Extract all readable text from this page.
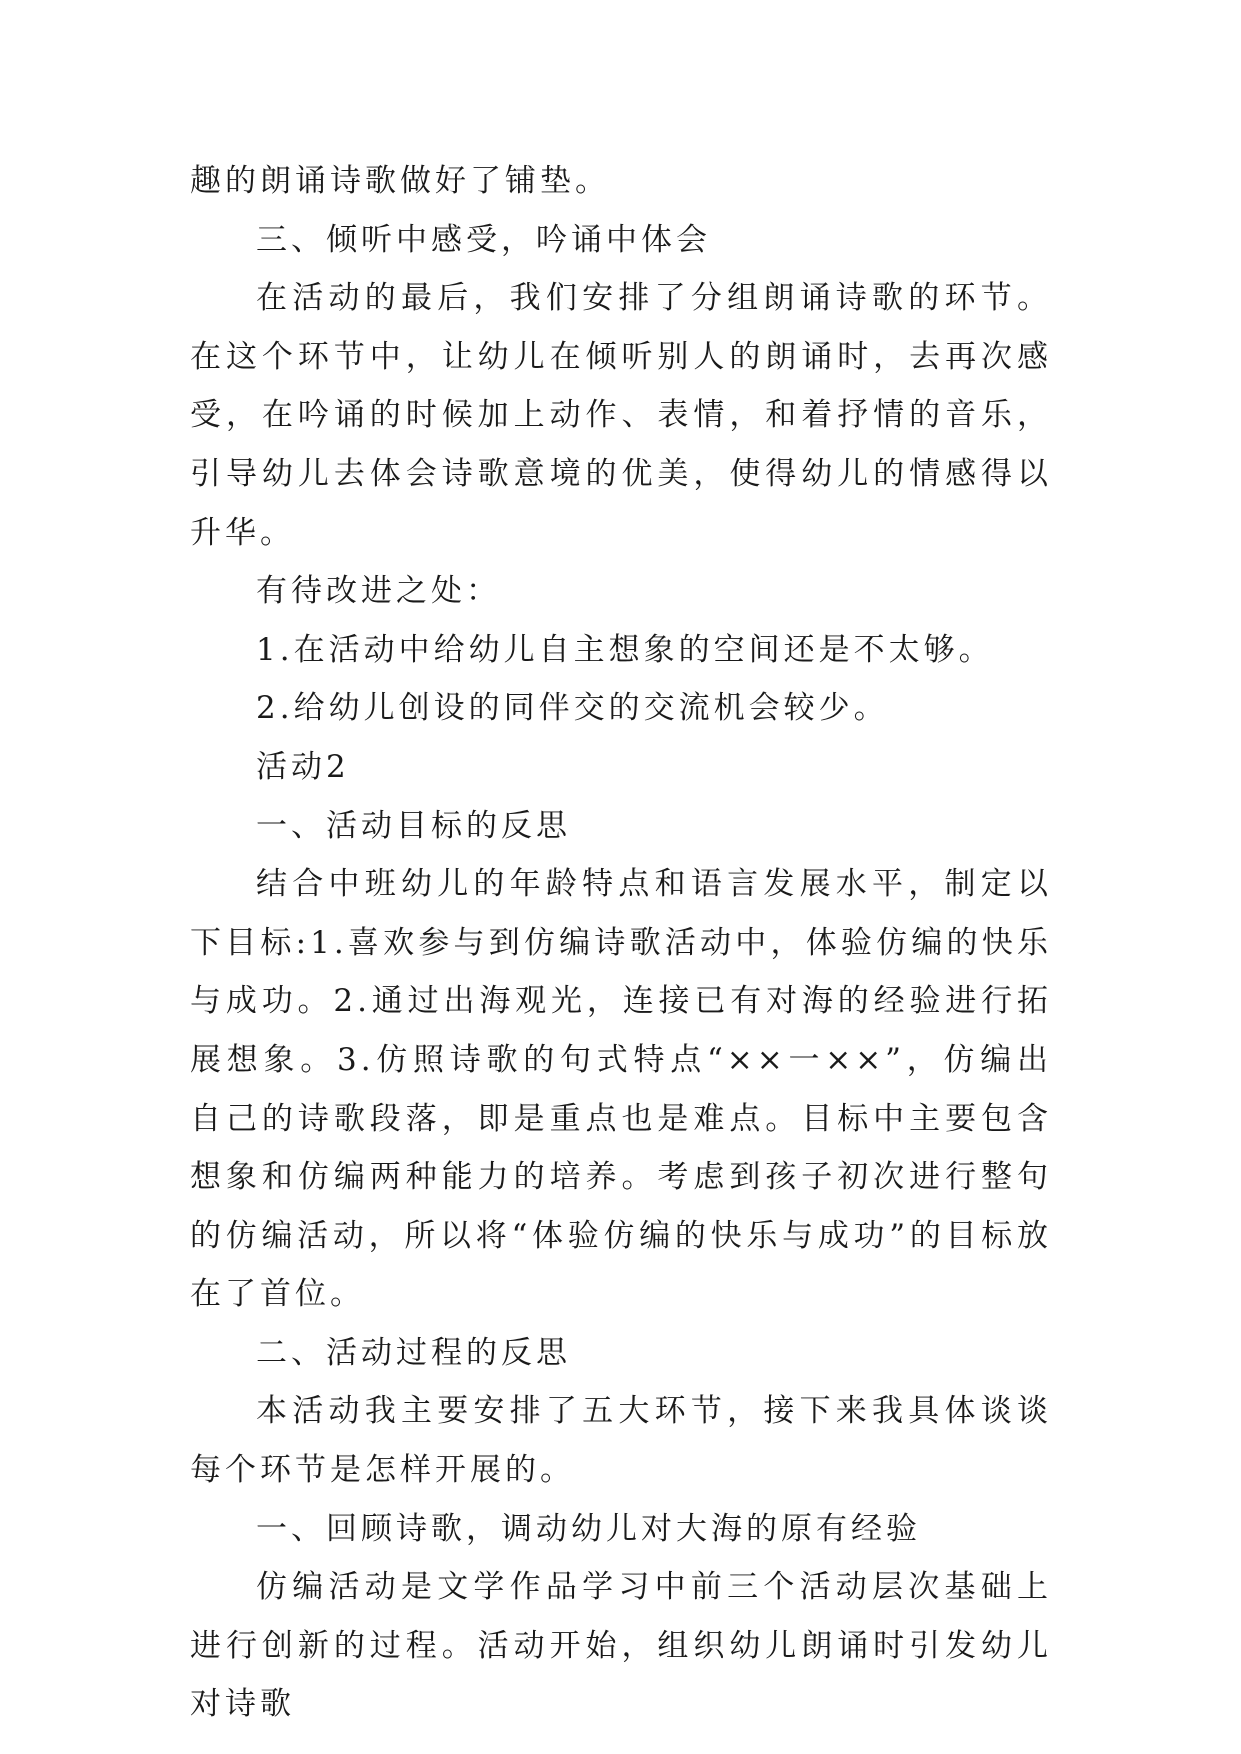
趣的朗诵诗歌做好了铺垫。

三、倾听中感受，吟诵中体会

在活动的最后，我们安排了分组朗诵诗歌的环节。在这个环节中，让幼儿在倾听别人的朗诵时，去再次感受，在吟诵的时候加上动作、表情，和着抒情的音乐，引导幼儿去体会诗歌意境的优美，使得幼儿的情感得以升华。

有待改进之处：

1.在活动中给幼儿自主想象的空间还是不太够。

2.给幼儿创设的同伴交的交流机会较少。

活动2

一、活动目标的反思

结合中班幼儿的年龄特点和语言发展水平，制定以下目标:1.喜欢参与到仿编诗歌活动中，体验仿编的快乐与成功。2.通过出海观光，连接已有对海的经验进行拓展想象。3.仿照诗歌的句式特点“××一××”，仿编出自己的诗歌段落，即是重点也是难点。目标中主要包含想象和仿编两种能力的培养。考虑到孩子初次进行整句的仿编活动，所以将“体验仿编的快乐与成功”的目标放在了首位。

二、活动过程的反思

本活动我主要安排了五大环节，接下来我具体谈谈每个环节是怎样开展的。

一、回顾诗歌，调动幼儿对大海的原有经验

仿编活动是文学作品学习中前三个活动层次基础上进行创新的过程。活动开始，组织幼儿朗诵时引发幼儿对诗歌
